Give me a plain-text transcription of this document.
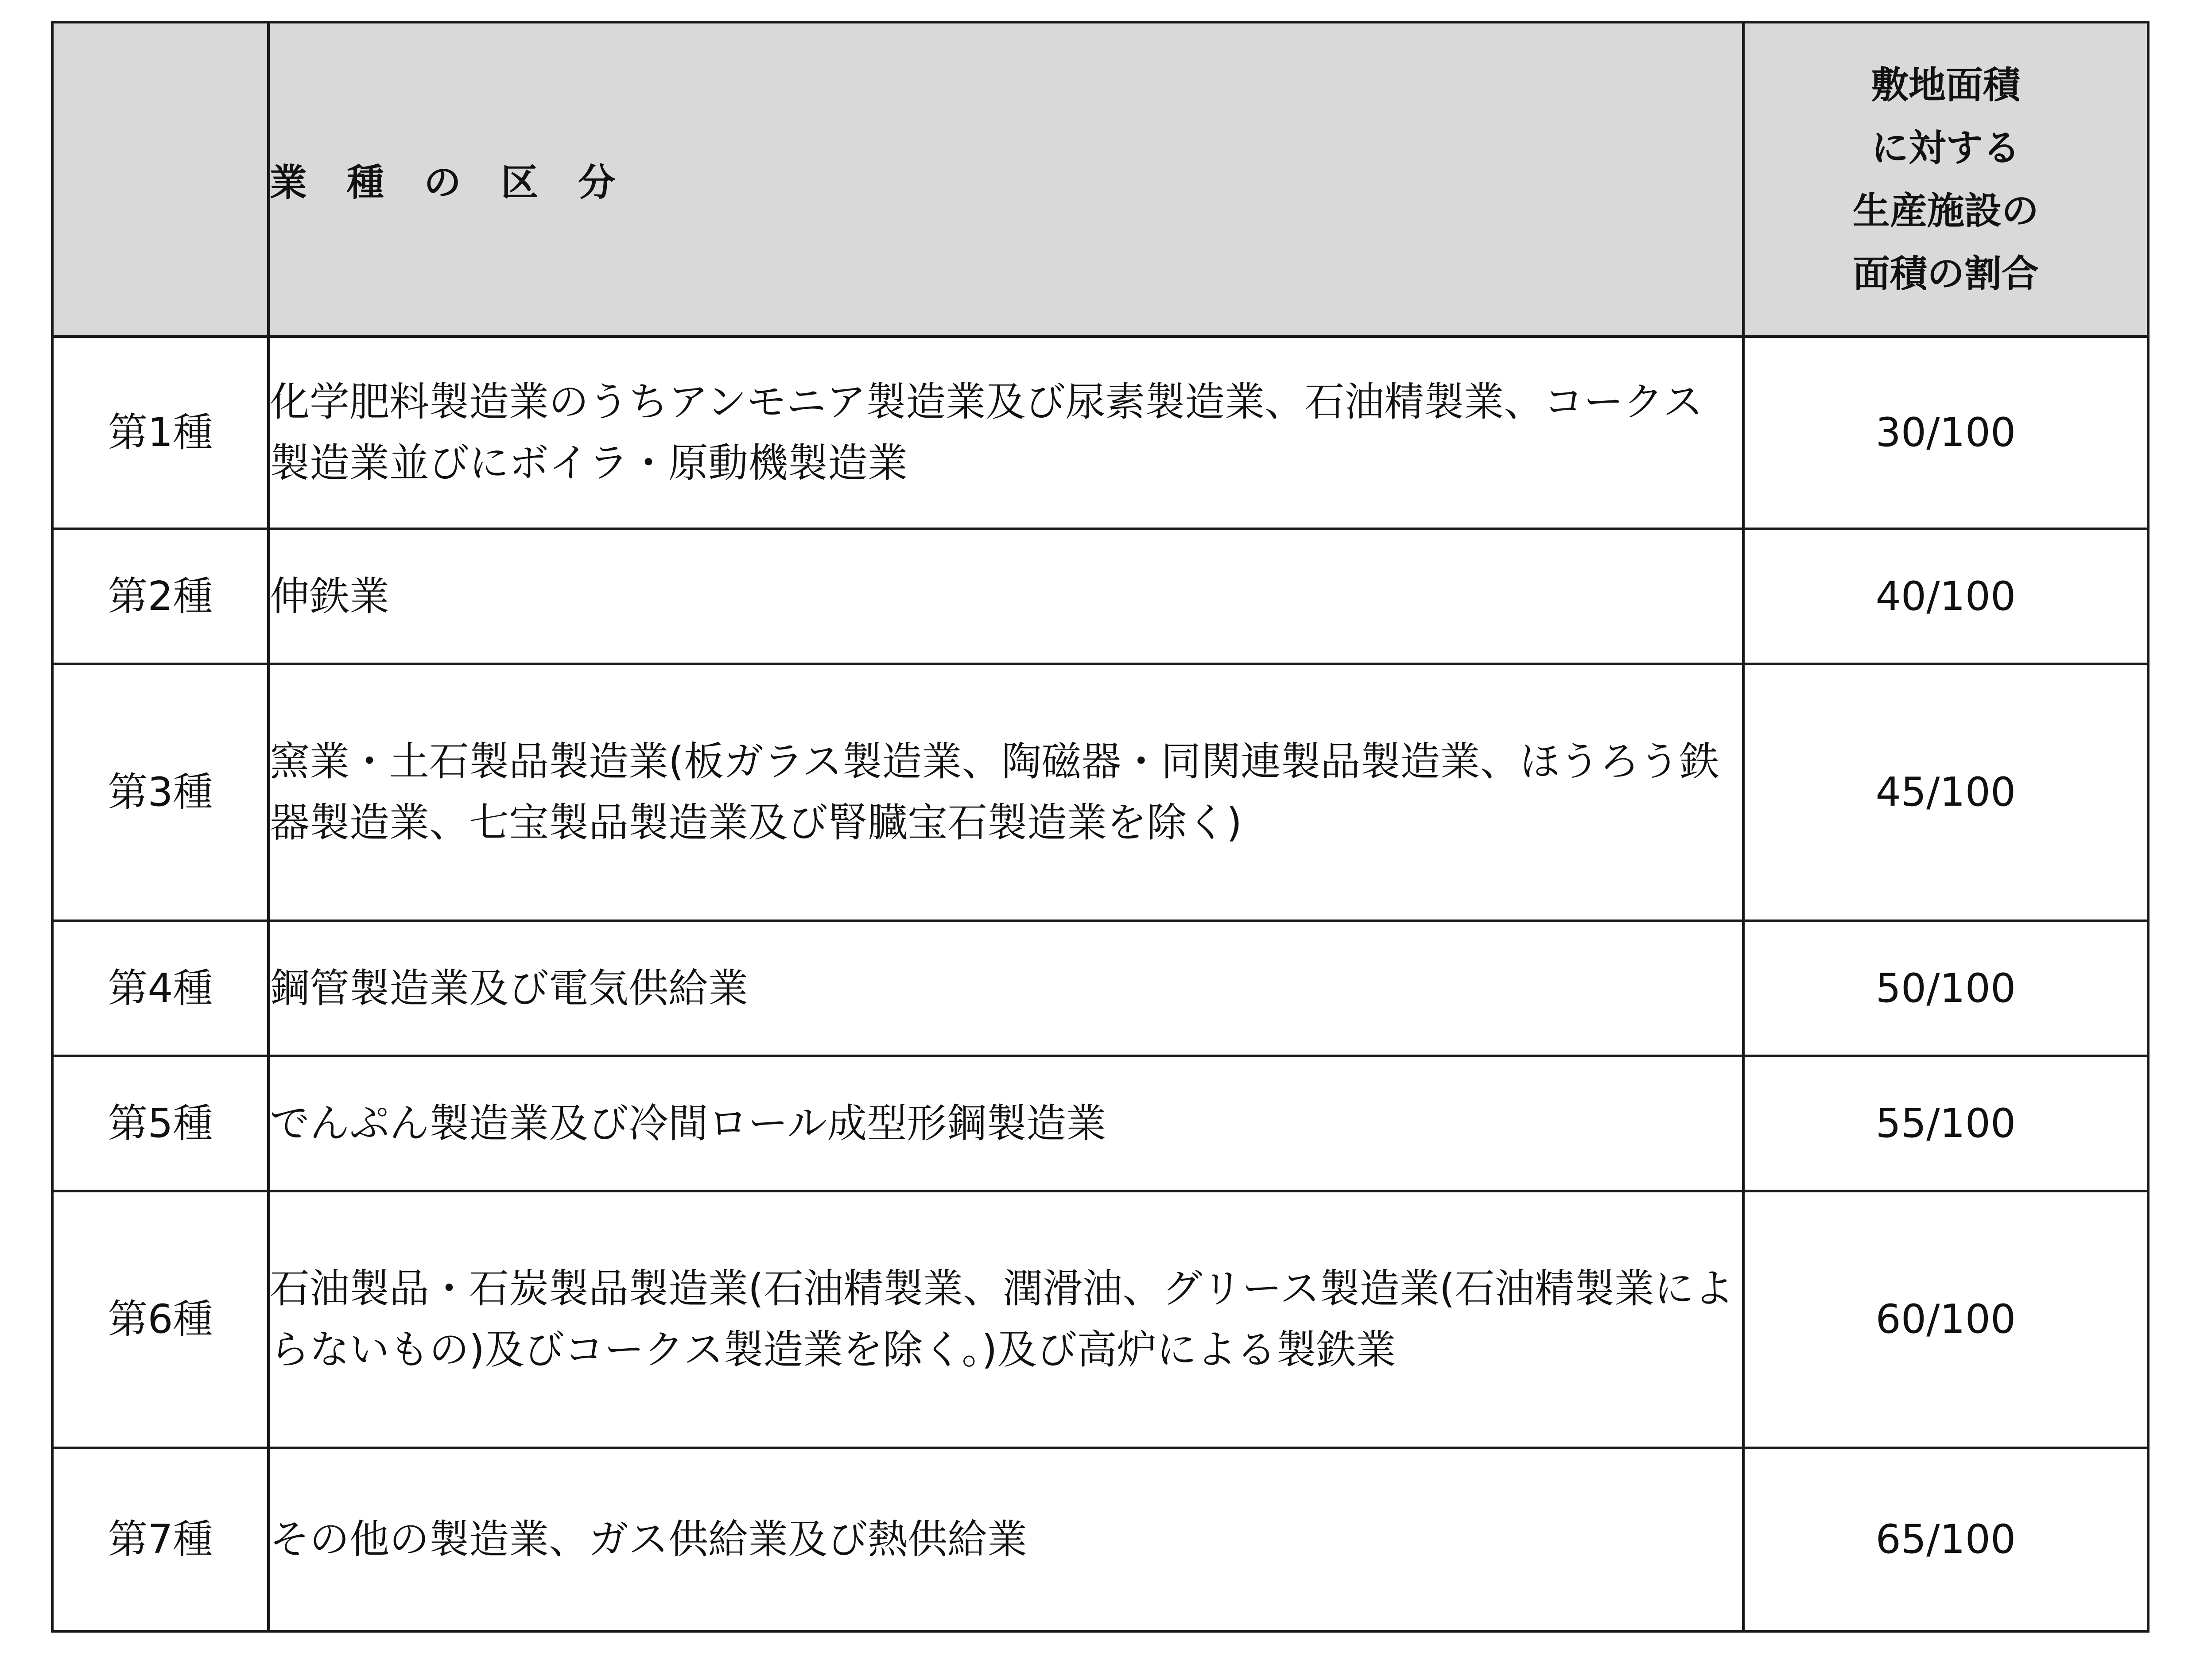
	業種の区分	敷地面積
に対する
生産施設の
面積の割合

第1種	化学肥料製造業のうちアンモニア製造業及び尿素製造業、石油精製業、コークス製造業並びにボイラ・原動機製造業	30/100
第2種	伸鉄業	40/100
第3種	窯業・土石製品製造業(板ガラス製造業、陶磁器・同関連製品製造業、ほうろう鉄器製造業、七宝製品製造業及び腎臓宝石製造業を除く)	45/100
第4種	鋼管製造業及び電気供給業	50/100
第5種	でんぷん製造業及び冷間ロール成型形鋼製造業	55/100
第6種	石油製品・石炭製品製造業(石油精製業、潤滑油、グリース製造業(石油精製業によらないもの)及びコークス製造業を除く。)及び高炉による製鉄業	60/100
第7種	その他の製造業、ガス供給業及び熱供給業	65/100
